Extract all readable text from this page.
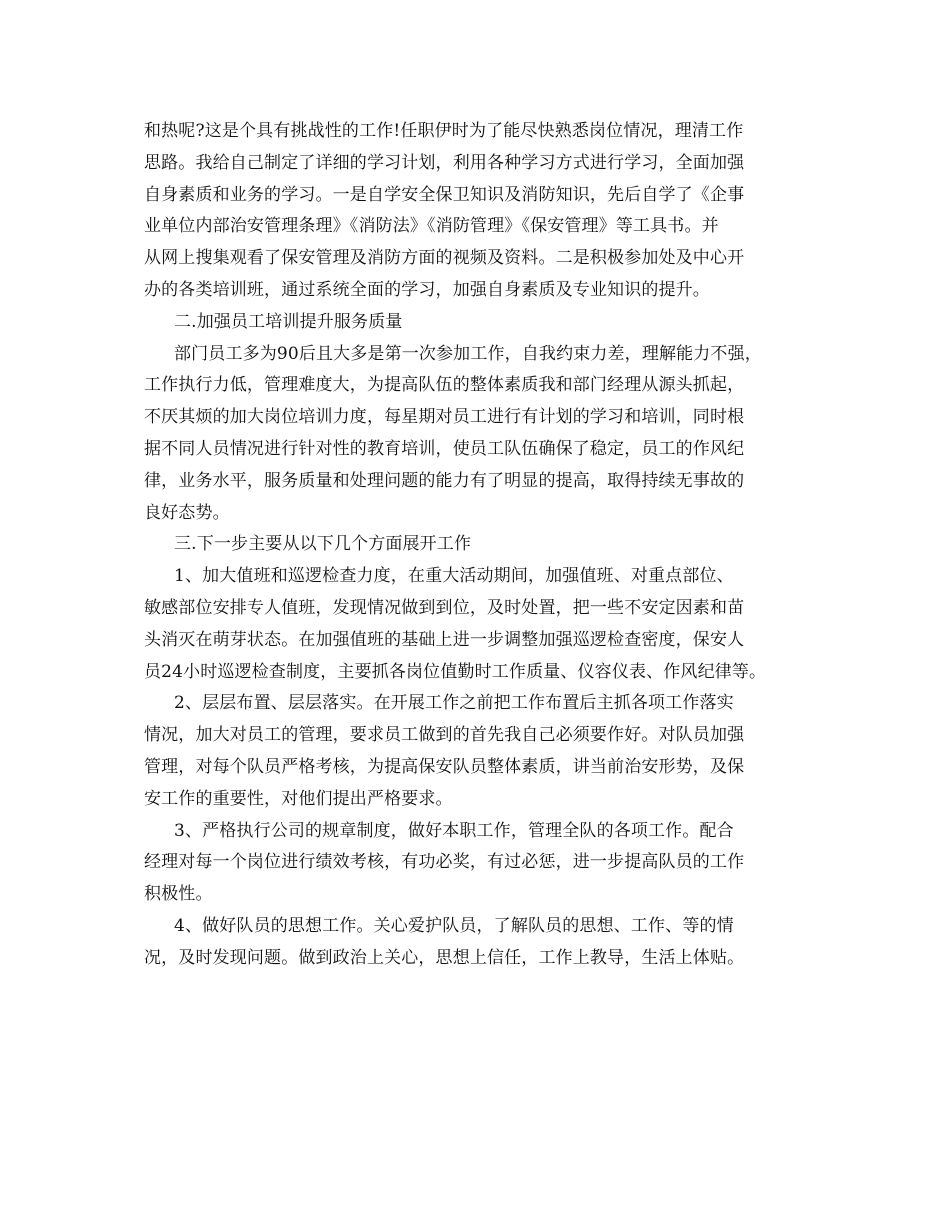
和热呢?这是个具有挑战性的工作!任职伊时为了能尽快熟悉岗位情况，理清工作
思路。我给自己制定了详细的学习计划，利用各种学习方式进行学习，全面加强
自身素质和业务的学习。一是自学安全保卫知识及消防知识，先后自学了《企事
业单位内部治安管理条理》《消防法》《消防管理》《保安管理》等工具书。并
从网上搜集观看了保安管理及消防方面的视频及资料。二是积极参加处及中心开
办的各类培训班，通过系统全面的学习，加强自身素质及专业知识的提升。
二.加强员工培训提升服务质量
部门员工多为90后且大多是第一次参加工作，自我约束力差，理解能力不强，
工作执行力低，管理难度大，为提高队伍的整体素质我和部门经理从源头抓起，
不厌其烦的加大岗位培训力度，每星期对员工进行有计划的学习和培训，同时根
据不同人员情况进行针对性的教育培训，使员工队伍确保了稳定，员工的作风纪
律，业务水平，服务质量和处理问题的能力有了明显的提高，取得持续无事故的
良好态势。
三.下一步主要从以下几个方面展开工作
1、加大值班和巡逻检查力度，在重大活动期间，加强值班、对重点部位、
敏感部位安排专人值班，发现情况做到到位，及时处置，把一些不安定因素和苗
头消灭在萌芽状态。在加强值班的基础上进一步调整加强巡逻检查密度，保安人
员24小时巡逻检查制度，主要抓各岗位值勤时工作质量、仪容仪表、作风纪律等。
2、层层布置、层层落实。在开展工作之前把工作布置后主抓各项工作落实
情况，加大对员工的管理，要求员工做到的首先我自己必须要作好。对队员加强
管理，对每个队员严格考核，为提高保安队员整体素质，讲当前治安形势，及保
安工作的重要性，对他们提出严格要求。
3、严格执行公司的规章制度，做好本职工作，管理全队的各项工作。配合
经理对每一个岗位进行绩效考核，有功必奖，有过必惩，进一步提高队员的工作
积极性。
4、做好队员的思想工作。关心爱护队员，了解队员的思想、工作、等的情
况，及时发现问题。做到政治上关心，思想上信任，工作上教导，生活上体贴。
